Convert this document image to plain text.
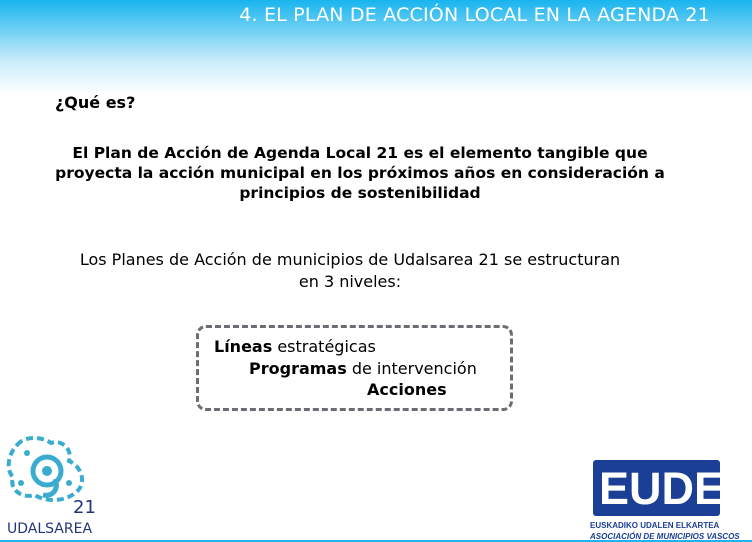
4. EL PLAN DE ACCIÓN LOCAL EN LA AGENDA 21
¿Qué es?
El Plan de Acción de Agenda Local 21 es el elemento tangible que
proyecta la acción municipal en los próximos años en consideración a
principios de sostenibilidad
Los Planes de Acción de municipios de Udalsarea 21 se estructuran
en 3 niveles:
Líneas estratégicas
Programas de intervención
Acciones
21
UDALSAREA
EUDEL
EUSKADIKO UDALEN ELKARTEA
ASOCIACIÓN DE MUNICIPIOS VASCOS
